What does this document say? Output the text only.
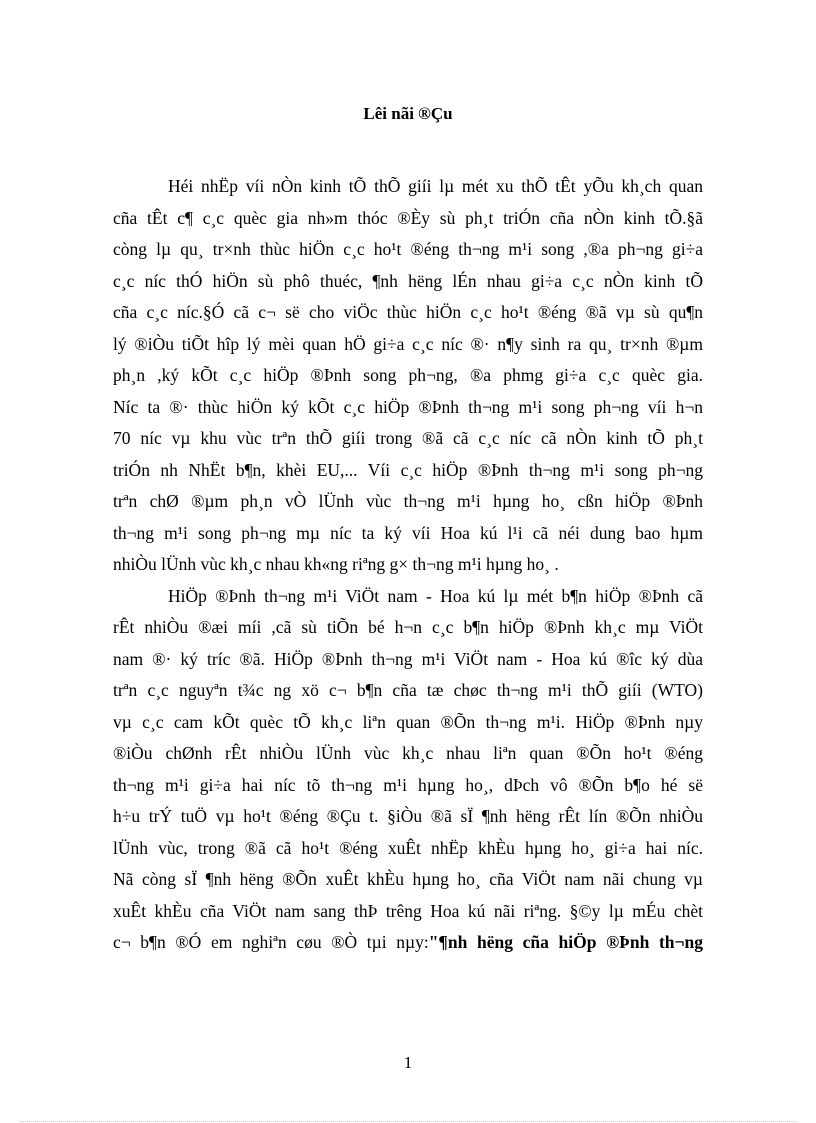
Lêi nãi ®Çu
Héi nhËp víi nÒn kinh tÕ thÕ giíi lµ mét xu thÕ tÊt yÕu kh¸ch quan
cña tÊt c¶ c¸c quèc gia nh»m thóc ®Èy sù ph¸t triÓn cña nÒn kinh tÕ.§ã
còng lµ qu¸ tr×nh thùc hiÖn c¸c ho¹t ®éng th¬ng m¹i song ,®a ph¬ng gi÷a
c¸c níc thÓ hiÖn sù phô thuéc, ¶nh hëng lÉn nhau gi÷a c¸c nÒn kinh tÕ
cña c¸c níc.§Ó cã c¬ së cho viÖc thùc hiÖn c¸c ho¹t ®éng ®ã vµ sù qu¶n
lý ®iÒu tiÕt hîp lý mèi quan hÖ gi÷a c¸c níc ®· n¶y sinh ra qu¸ tr×nh ®µm
ph¸n ,ký kÕt c¸c hiÖp ®Þnh song ph¬ng, ®a phmg gi÷a c¸c quèc gia.
Níc ta ®· thùc hiÖn ký kÕt c¸c hiÖp ®Þnh th¬ng m¹i song ph¬ng víi h¬n
70 níc vµ khu vùc trªn thÕ giíi trong ®ã cã c¸c níc cã nÒn kinh tÕ ph¸t
triÓn nh NhËt b¶n, khèi EU,... Víi c¸c hiÖp ®Þnh th¬ng m¹i song ph¬ng
trªn chØ ®µm ph¸n vÒ lÜnh vùc th¬ng m¹i hµng ho¸ cßn hiÖp ®Þnh
th¬ng m¹i song ph¬ng mµ níc ta ký víi Hoa kú l¹i cã néi dung bao hµm
nhiÒu lÜnh vùc kh¸c nhau kh«ng riªng g× th¬ng m¹i hµng ho¸ .
HiÖp ®Þnh th¬ng m¹i ViÖt nam - Hoa kú lµ mét b¶n hiÖp ®Þnh cã
rÊt nhiÒu ®æi míi ,cã sù tiÕn bé h¬n c¸c b¶n hiÖp ®Þnh kh¸c mµ ViÖt
nam ®· ký tríc ®ã. HiÖp ®Þnh th¬ng m¹i ViÖt nam - Hoa kú ®îc ký dùa
trªn c¸c nguyªn t¾c ng xö c¬ b¶n cña tæ chøc th¬ng m¹i thÕ giíi (WTO)
vµ c¸c cam kÕt quèc tÕ kh¸c liªn quan ®Õn th¬ng m¹i. HiÖp ®Þnh nµy
®iÒu chØnh rÊt nhiÒu lÜnh vùc kh¸c nhau liªn quan ®Õn ho¹t ®éng
th¬ng m¹i gi÷a hai níc tõ th¬ng m¹i hµng ho¸, dÞch vô ®Õn b¶o hé së
h÷u trÝ tuÖ vµ ho¹t ®éng ®Çu t. §iÒu ®ã sÏ ¶nh hëng rÊt lín ®Õn nhiÒu
lÜnh vùc, trong ®ã cã ho¹t ®éng xuÊt nhËp khÈu hµng ho¸ gi÷a hai níc.
Nã còng sÏ ¶nh hëng ®Õn xuÊt khÈu hµng ho¸ cña ViÖt nam nãi chung vµ
xuÊt khÈu cña ViÖt nam sang thÞ trêng Hoa kú nãi riªng. §©y lµ mÉu chèt
c¬ b¶n ®Ó em nghiªn cøu ®Ò tµi nµy:"¶nh hëng cña hiÖp ®Þnh th¬ng
1
